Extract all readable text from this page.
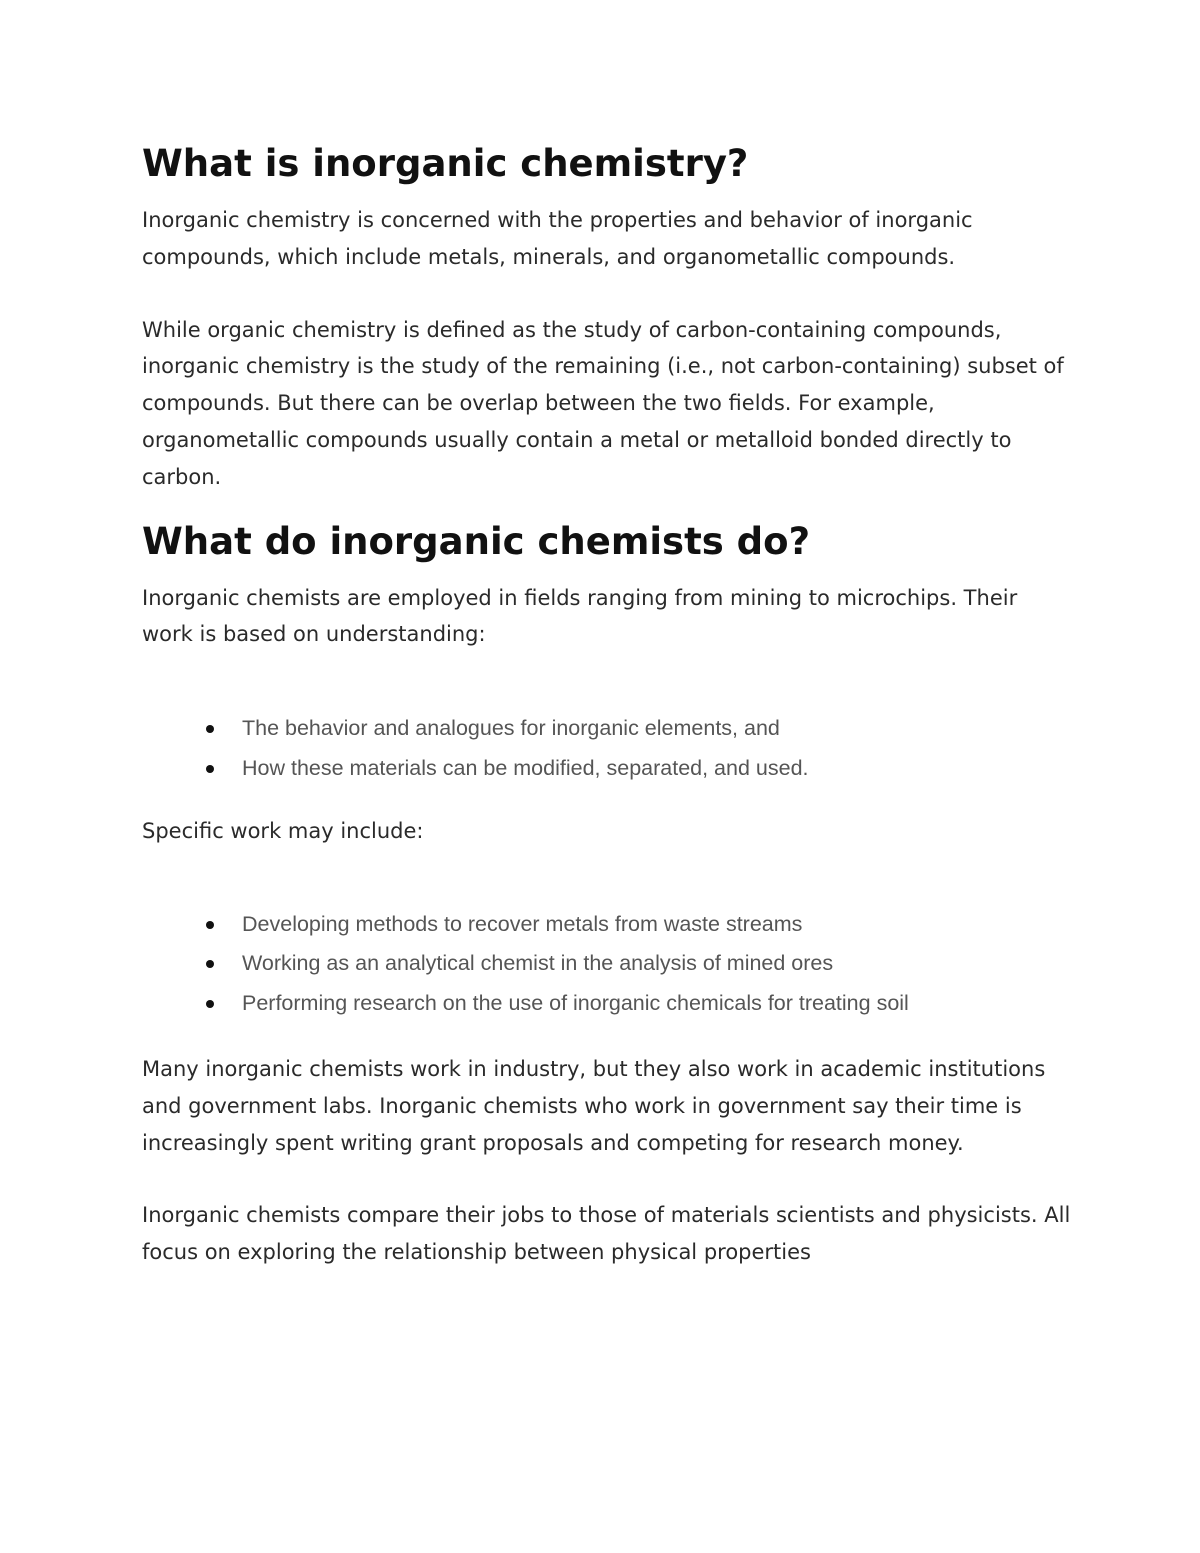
What is inorganic chemistry?

Inorganic chemistry is concerned with the properties and behavior of inorganic compounds, which include metals, minerals, and organometallic compounds.

While organic chemistry is defined as the study of carbon-containing compounds, inorganic chemistry is the study of the remaining (i.e., not carbon-containing) subset of compounds. But there can be overlap between the two fields. For example, organometallic compounds usually contain a metal or metalloid bonded directly to carbon.

What do inorganic chemists do?

Inorganic chemists are employed in fields ranging from mining to microchips. Their work is based on understanding:

The behavior and analogues for inorganic elements, and
How these materials can be modified, separated, and used.

Specific work may include:

Developing methods to recover metals from waste streams
Working as an analytical chemist in the analysis of mined ores
Performing research on the use of inorganic chemicals for treating soil

Many inorganic chemists work in industry, but they also work in academic institutions and government labs. Inorganic chemists who work in government say their time is increasingly spent writing grant proposals and competing for research money.

Inorganic chemists compare their jobs to those of materials scientists and physicists. All focus on exploring the relationship between physical properties
